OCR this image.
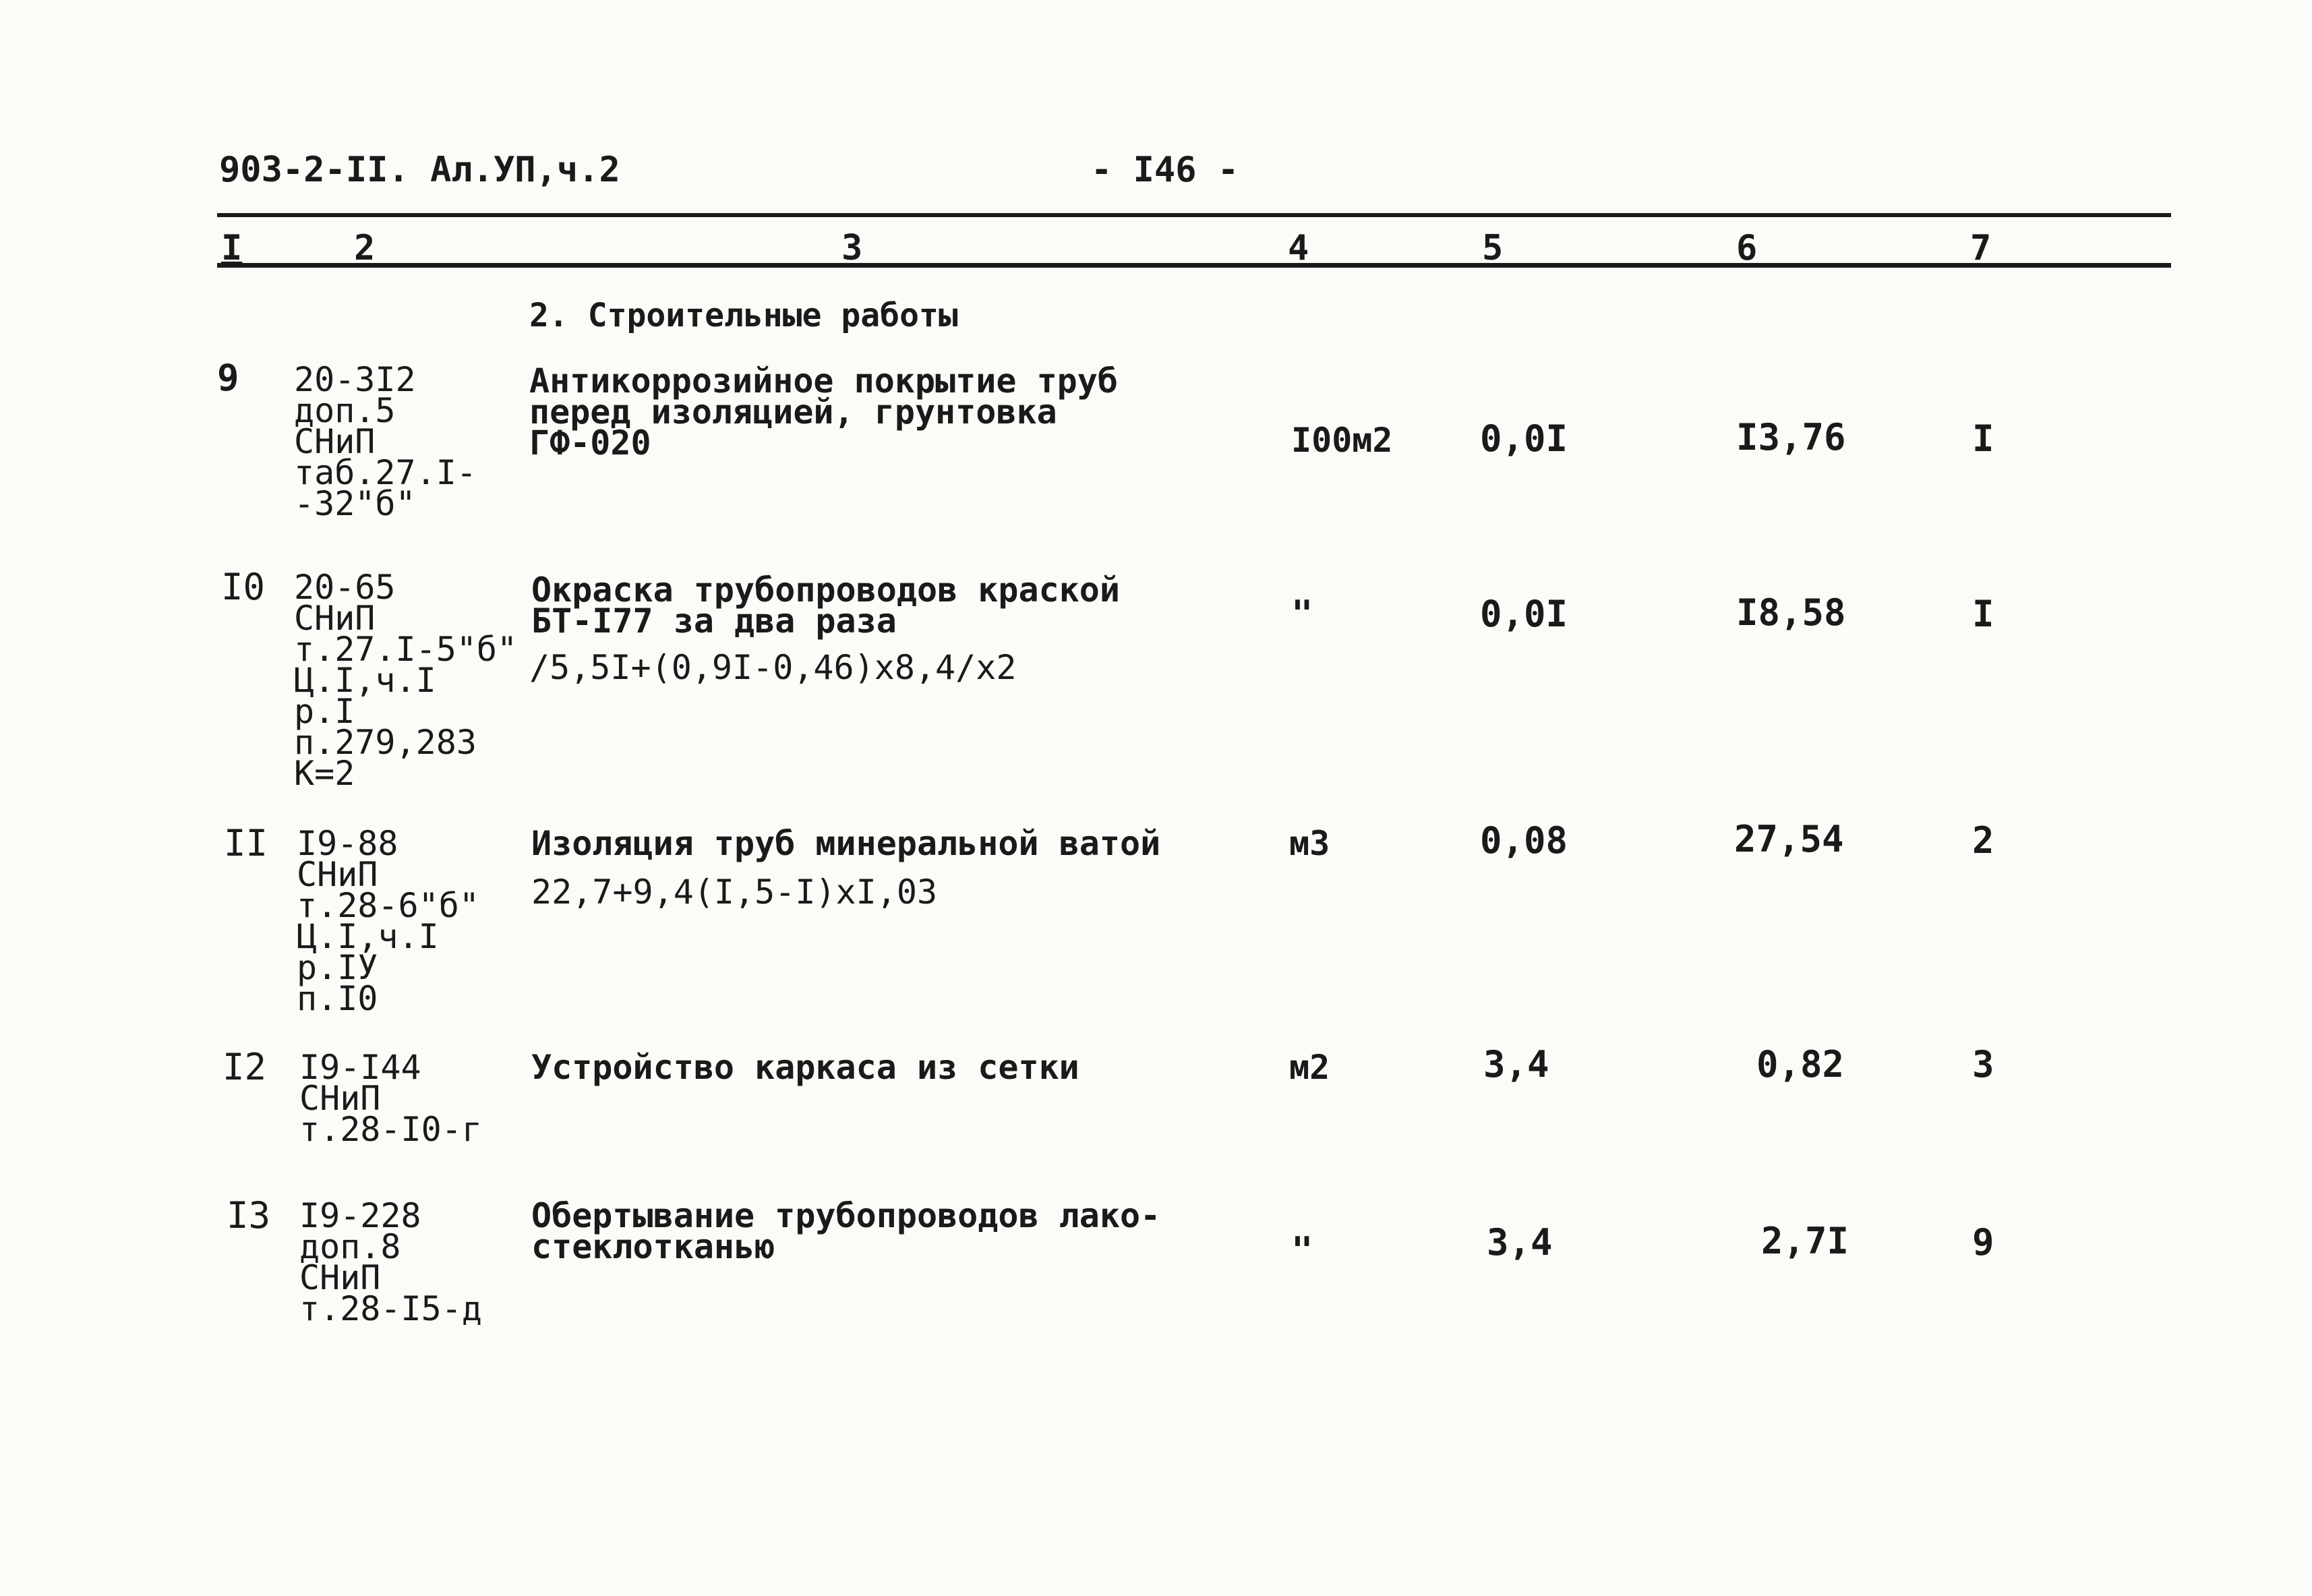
903-2-II. Ал.УП,ч.2	- I46 -
I	2	3	4	5	6	7
2. Строительные работы
9 20-3I2
доп.5
СНиП
таб.27.I-
-32"б"
Антикоррозийное покрытие труб
перед изоляцией, грунтовка
ГФ-020	I00м2 0,0I	I3,76	I
I0 20-65
СНиП
т.27.I-5"б"
Ц.I,ч.I
р.I
п.279,283
К=2
Окраска трубопроводов краской
БТ-I77 за два раза
/5,5I+(0,9I-0,46)х8,4/х2
"	0,0I	I8,58	I
II I9-88
СНиП
т.28-6"б"
Ц.I,ч.I
р.IУ
п.I0
Изоляция труб минеральной ватой
22,7+9,4(I,5-I)хI,03
м3	0,08	27,54	2
I2 I9-I44
СНиП
т.28-I0-г
Устройство каркаса из сетки	м2	3,4	0,82	3
I3 I9-228
доп.8
СНиП
т.28-I5-д
Обертывание трубопроводов лако-
стеклотканью	"	3,4	2,7I	9
